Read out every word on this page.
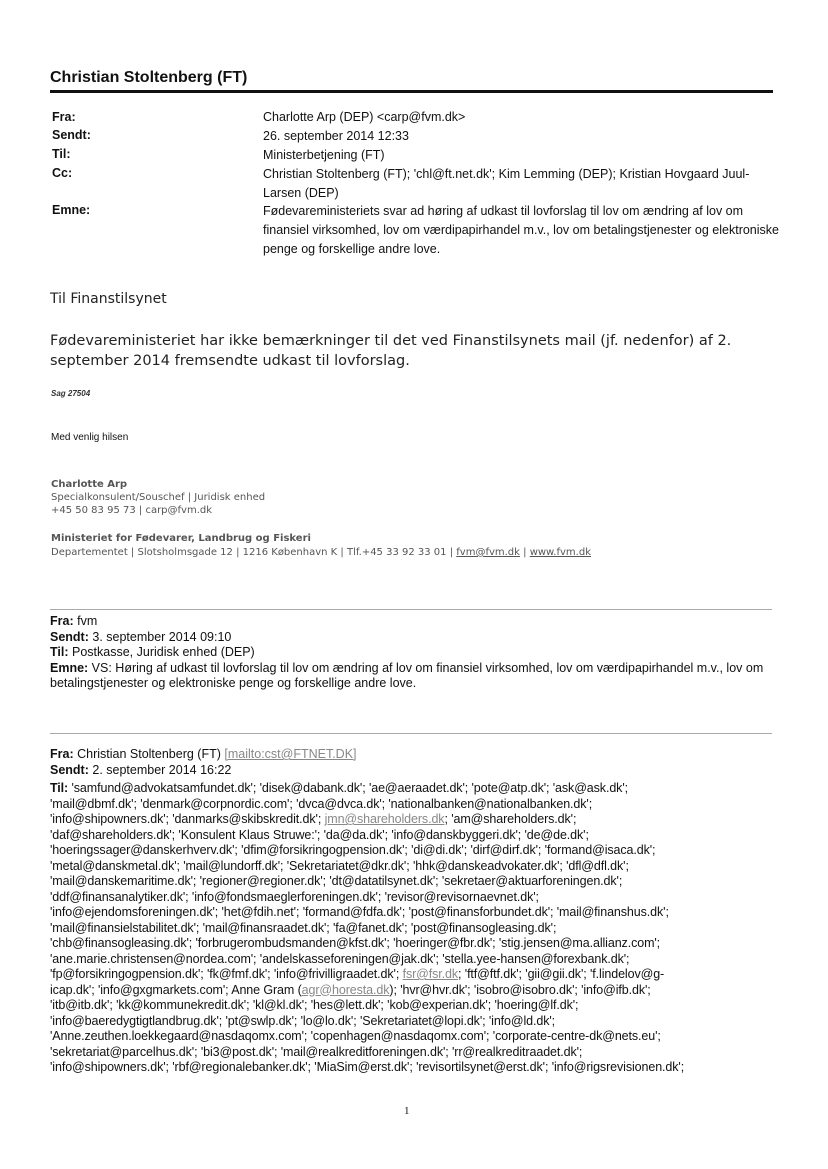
Christian Stoltenberg (FT)
Fra:	Charlotte Arp (DEP) <carp@fvm.dk>
Sendt:	26. september 2014 12:33
Til:	Ministerbetjening (FT)
Cc:	Christian Stoltenberg (FT); 'chl@ft.net.dk'; Kim Lemming (DEP); Kristian Hovgaard Juul-Larsen (DEP)
Emne:	Fødevareministeriets svar ad høring af udkast til lovforslag til lov om ændring af lov om finansiel virksomhed, lov om værdipapirhandel m.v., lov om betalingstjenester og elektroniske penge og forskellige andre love.
Til Finanstilsynet
Fødevareministeriet har ikke bemærkninger til det ved Finanstilsynets mail (jf. nedenfor) af 2. september 2014 fremsendte udkast til lovforslag.
Sag 27504
Med venlig hilsen
Charlotte Arp
Specialkonsulent/Souschef | Juridisk enhed
+45 50 83 95 73 | carp@fvm.dk
Ministeriet for Fødevarer, Landbrug og Fiskeri
Departementet | Slotsholmsgade 12 | 1216 København K | Tlf.+45 33 92 33 01 | fvm@fvm.dk | www.fvm.dk
Fra: fvm
Sendt: 3. september 2014 09:10
Til: Postkasse, Juridisk enhed (DEP)
Emne: VS: Høring af udkast til lovforslag til lov om ændring af lov om finansiel virksomhed, lov om værdipapirhandel m.v., lov om betalingstjenester og elektroniske penge og forskellige andre love.
Fra: Christian Stoltenberg (FT) [mailto:cst@FTNET.DK]
Sendt: 2. september 2014 16:22
Til: 'samfund@advokatsamfundet.dk'; 'disek@dabank.dk'; 'ae@aeraadet.dk'; 'pote@atp.dk'; 'ask@ask.dk';
'mail@dbmf.dk'; 'denmark@corpnordic.com'; 'dvca@dvca.dk'; 'nationalbanken@nationalbanken.dk';
'info@shipowners.dk'; 'danmarks@skibskredit.dk'; jmn@shareholders.dk; 'am@shareholders.dk';
'daf@shareholders.dk'; 'Konsulent Klaus Struwe:'; 'da@da.dk'; 'info@danskbyggeri.dk'; 'de@de.dk';
'hoeringssager@danskerhverv.dk'; 'dfim@forsikringogpension.dk'; 'di@di.dk'; 'dirf@dirf.dk'; 'formand@isaca.dk';
'metal@danskmetal.dk'; 'mail@lundorff.dk'; 'Sekretariatet@dkr.dk'; 'hhk@danskeadvokater.dk'; 'dfl@dfl.dk';
'mail@danskemaritime.dk'; 'regioner@regioner.dk'; 'dt@datatilsynet.dk'; 'sekretaer@aktuarforeningen.dk';
'ddf@finansanalytiker.dk'; 'info@fondsmaeglerforeningen.dk'; 'revisor@revisornaevnet.dk';
'info@ejendomsforeningen.dk'; 'het@fdih.net'; 'formand@fdfa.dk'; 'post@finansforbundet.dk'; 'mail@finanshus.dk';
'mail@finansielstabilitet.dk'; 'mail@finansraadet.dk'; 'fa@fanet.dk'; 'post@finansogleasing.dk';
'chb@finansogleasing.dk'; 'forbrugerombudsmanden@kfst.dk'; 'hoeringer@fbr.dk'; 'stig.jensen@ma.allianz.com';
'ane.marie.christensen@nordea.com'; 'andelskasseforeningen@jak.dk'; 'stella.yee-hansen@forexbank.dk';
'fp@forsikringogpension.dk'; 'fk@fmf.dk'; 'info@frivilligraadet.dk'; fsr@fsr.dk; 'ftf@ftf.dk'; 'gii@gii.dk'; 'f.lindelov@g-
icap.dk'; 'info@gxgmarkets.com'; Anne Gram (agr@horesta.dk); 'hvr@hvr.dk'; 'isobro@isobro.dk'; 'info@ifb.dk';
'itb@itb.dk'; 'kk@kommunekredit.dk'; 'kl@kl.dk'; 'hes@lett.dk'; 'kob@experian.dk'; 'hoering@lf.dk';
'info@baeredygtigtlandbrug.dk'; 'pt@swlp.dk'; 'lo@lo.dk'; 'Sekretariatet@lopi.dk'; 'info@ld.dk';
'Anne.zeuthen.loekkegaard@nasdaqomx.com'; 'copenhagen@nasdaqomx.com'; 'corporate-centre-dk@nets.eu';
'sekretariat@parcelhus.dk'; 'bi3@post.dk'; 'mail@realkreditforeningen.dk'; 'rr@realkreditraadet.dk';
'info@shipowners.dk'; 'rbf@regionalebanker.dk'; 'MiaSim@erst.dk'; 'revisortilsynet@erst.dk'; 'info@rigsrevisionen.dk';
1
